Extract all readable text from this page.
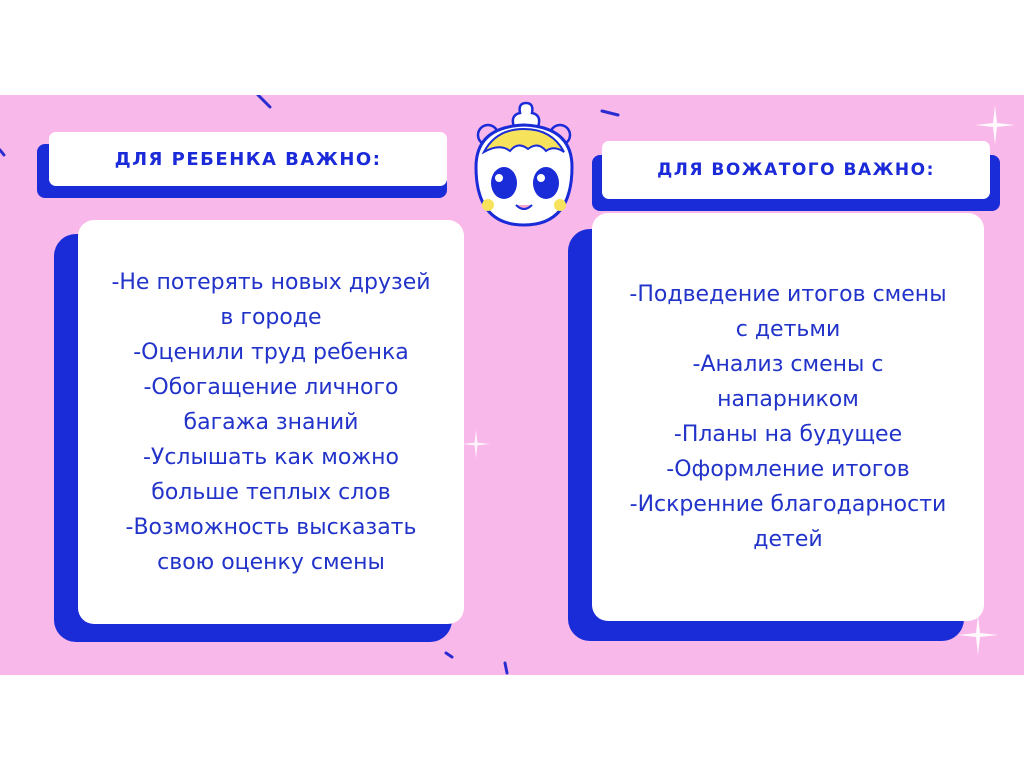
ДЛЯ РЕБЕНКА ВАЖНО:
ДЛЯ ВОЖАТОГО ВАЖНО:
-Не потерять новых друзей
в городе
-Оценили труд ребенка
-Обогащение личного
багажа знаний
-Услышать как можно
больше теплых слов
-Возможность высказать
свою оценку смены
-Подведение итогов смены
с детьми
-Анализ смены с
напарником
-Планы на будущее
-Оформление итогов
-Искренние благодарности
детей
